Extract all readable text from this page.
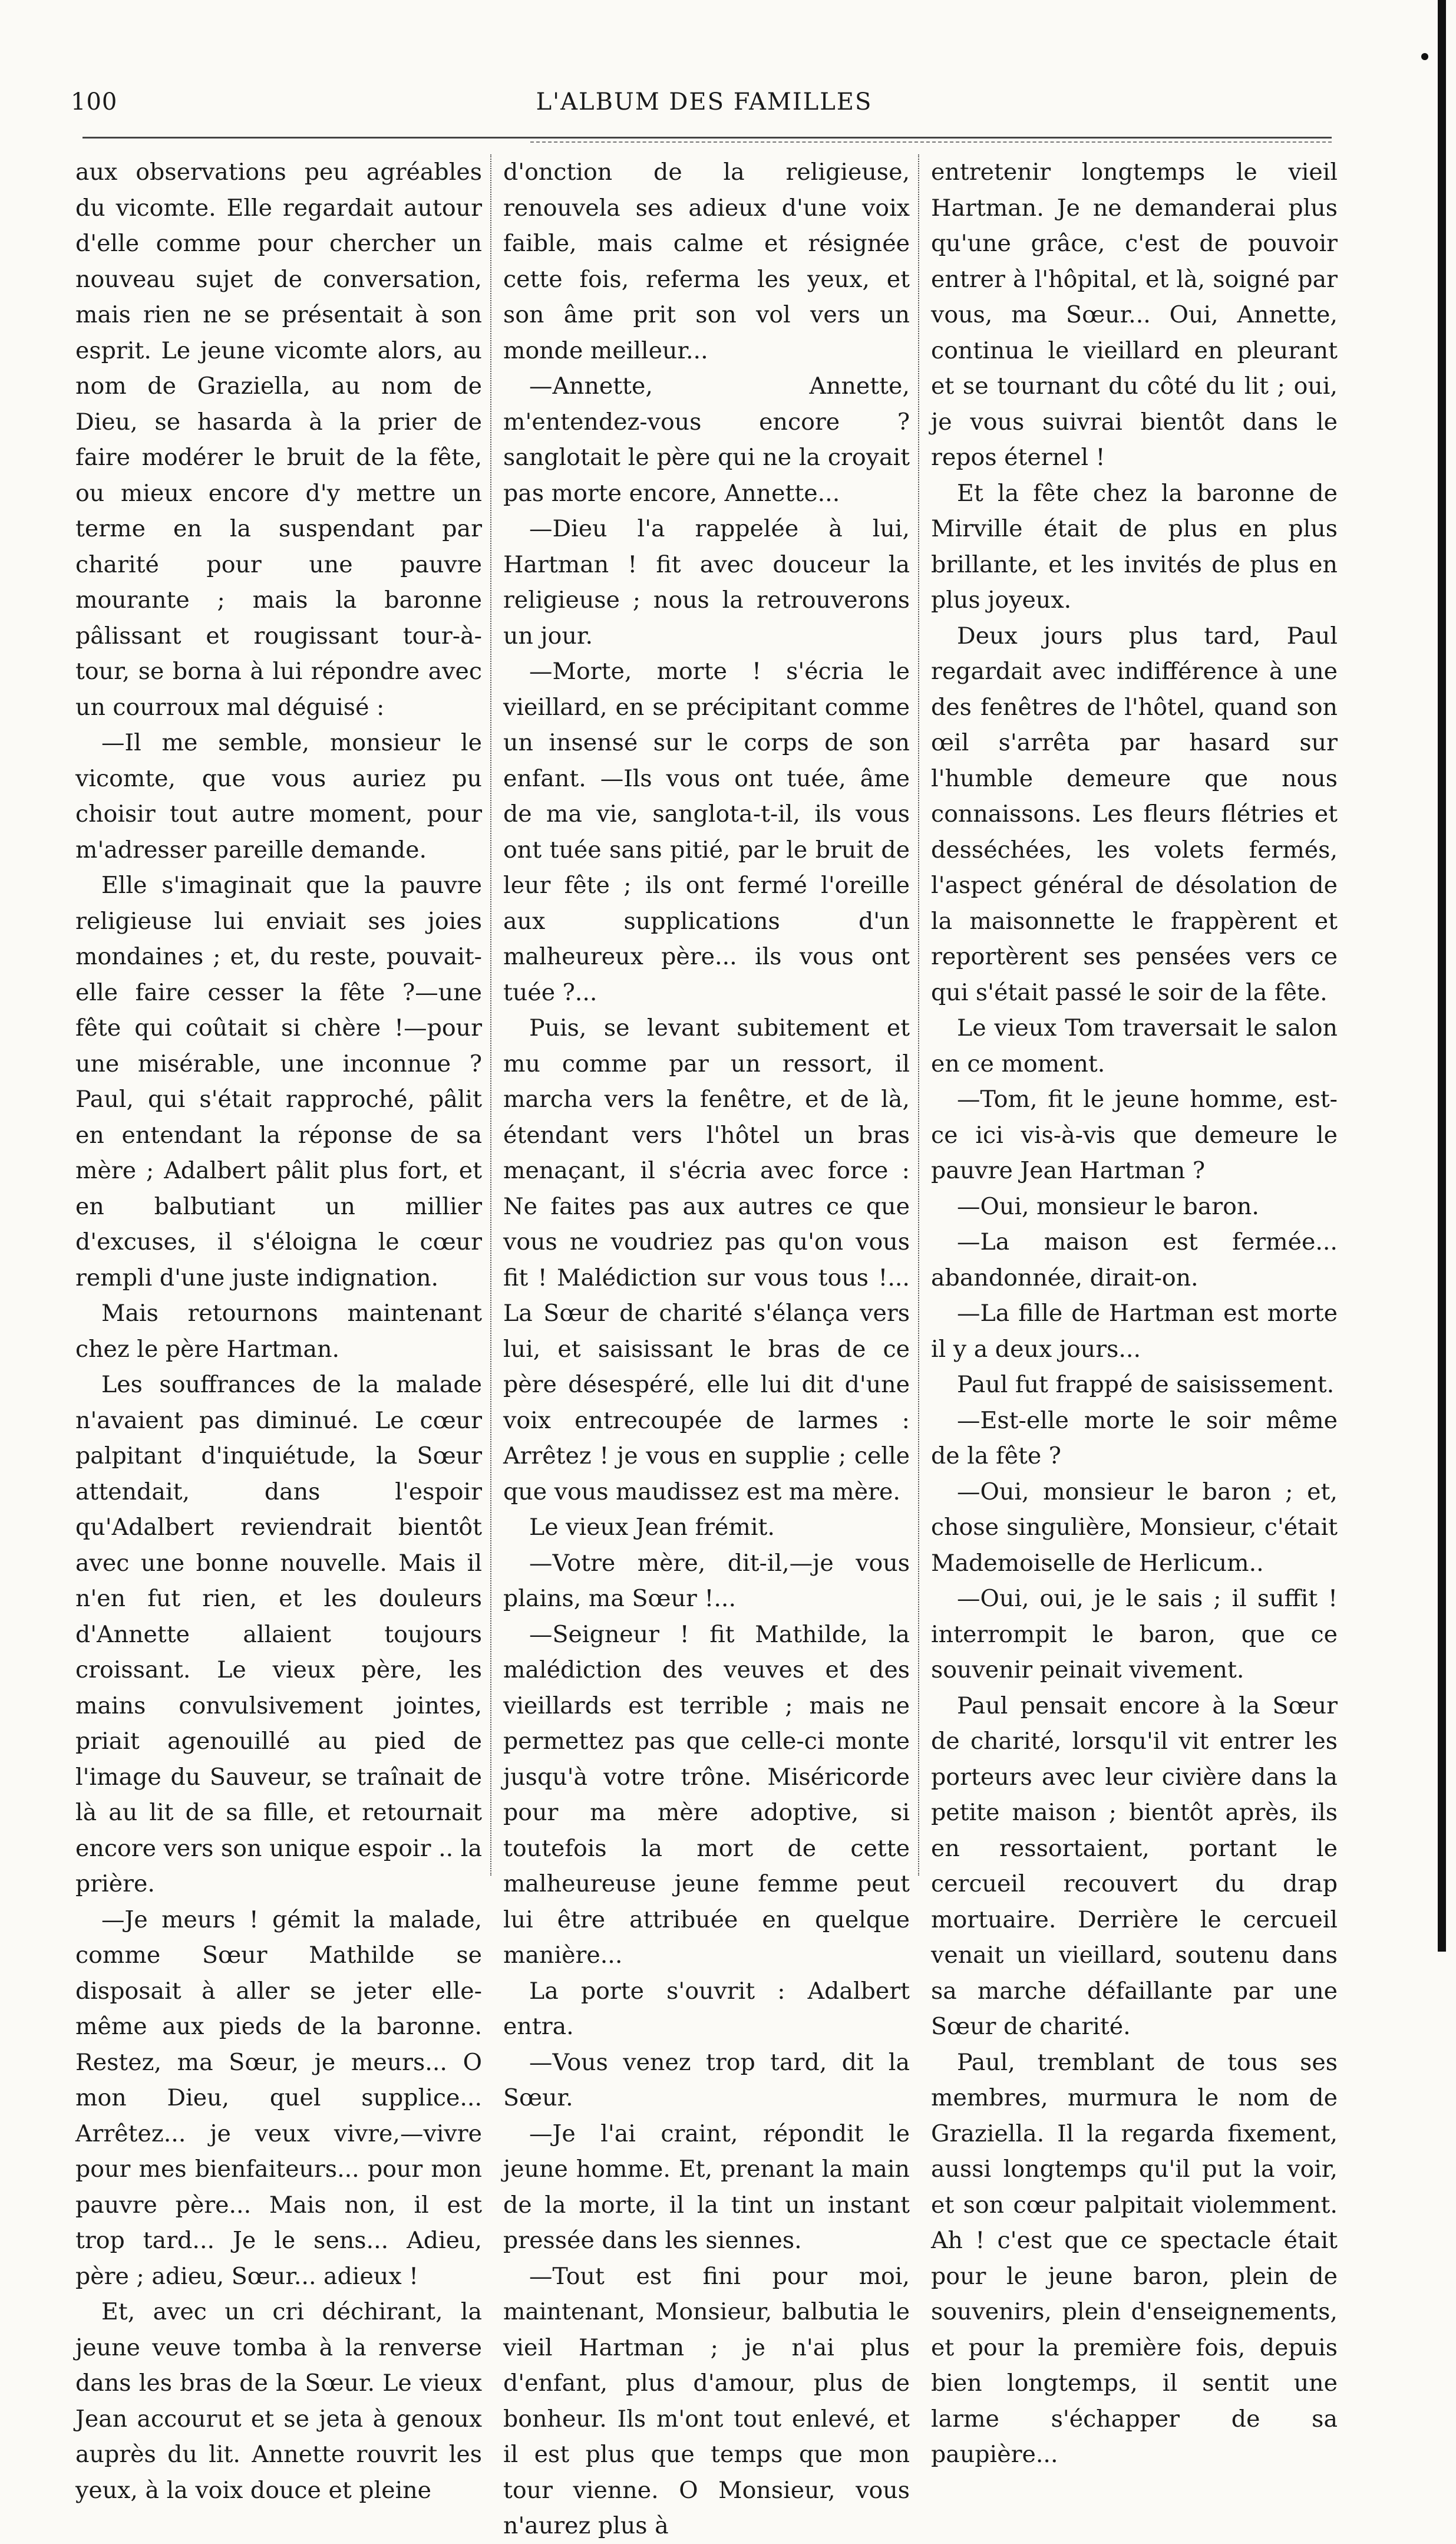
100	L'ALBUM DES FAMILLES

aux observations peu agréables du vicomte. Elle regardait autour d'elle comme pour chercher un nouveau sujet de conversation, mais rien ne se présentait à son esprit. Le jeune vicomte alors, au nom de Graziella, au nom de Dieu, se hasarda à la prier de faire modérer le bruit de la fête, ou mieux encore d'y mettre un terme en la suspendant par charité pour une pauvre mourante ; mais la baronne pâlissant et rougissant tour-à-tour, se borna à lui répondre avec un courroux mal déguisé :

—Il me semble, monsieur le vicomte, que vous auriez pu choisir tout autre moment, pour m'adresser pareille demande.

Elle s'imaginait que la pauvre religieuse lui enviait ses joies mondaines ; et, du reste, pouvait-elle faire cesser la fête ?—une fête qui coûtait si chère !—pour une misérable, une inconnue ? Paul, qui s'était rapproché, pâlit en entendant la réponse de sa mère ; Adalbert pâlit plus fort, et en balbutiant un millier d'excuses, il s'éloigna le cœur rempli d'une juste indignation.

Mais retournons maintenant chez le père Hartman.

Les souffrances de la malade n'avaient pas diminué. Le cœur palpitant d'inquiétude, la Sœur attendait, dans l'espoir qu'Adalbert reviendrait bientôt avec une bonne nouvelle. Mais il n'en fut rien, et les douleurs d'Annette allaient toujours croissant. Le vieux père, les mains convulsivement jointes, priait agenouillé au pied de l'image du Sauveur, se traînait de là au lit de sa fille, et retournait encore vers son unique espoir .. la prière.

—Je meurs ! gémit la malade, comme Sœur Mathilde se disposait à aller se jeter elle-même aux pieds de la baronne. Restez, ma Sœur, je meurs... O mon Dieu, quel supplice... Arrêtez... je veux vivre,—vivre pour mes bienfaiteurs... pour mon pauvre père... Mais non, il est trop tard... Je le sens... Adieu, père ; adieu, Sœur... adieux !

Et, avec un cri déchirant, la jeune veuve tomba à la renverse dans les bras de la Sœur. Le vieux Jean accourut et se jeta à genoux auprès du lit. Annette rouvrit les yeux, à la voix douce et pleine

d'onction de la religieuse, renouvela ses adieux d'une voix faible, mais calme et résignée cette fois, referma les yeux, et son âme prit son vol vers un monde meilleur...

—Annette, Annette, m'entendez-vous encore ? sanglotait le père qui ne la croyait pas morte encore, Annette...

—Dieu l'a rappelée à lui, Hartman ! fit avec douceur la religieuse ; nous la retrouverons un jour.

—Morte, morte ! s'écria le vieillard, en se précipitant comme un insensé sur le corps de son enfant. —Ils vous ont tuée, âme de ma vie, sanglota-t-il, ils vous ont tuée sans pitié, par le bruit de leur fête ; ils ont fermé l'oreille aux supplications d'un malheureux père... ils vous ont tuée ?...

Puis, se levant subitement et mu comme par un ressort, il marcha vers la fenêtre, et de là, étendant vers l'hôtel un bras menaçant, il s'écria avec force : Ne faites pas aux autres ce que vous ne voudriez pas qu'on vous fit ! Malédiction sur vous tous !... La Sœur de charité s'élança vers lui, et saisissant le bras de ce père désespéré, elle lui dit d'une voix entrecoupée de larmes : Arrêtez ! je vous en supplie ; celle que vous maudissez est ma mère.

Le vieux Jean frémit.

—Votre mère, dit-il,—je vous plains, ma Sœur !...

—Seigneur ! fit Mathilde, la malédiction des veuves et des vieillards est terrible ; mais ne permettez pas que celle-ci monte jusqu'à votre trône. Miséricorde pour ma mère adoptive, si toutefois la mort de cette malheureuse jeune femme peut lui être attribuée en quelque manière...

La porte s'ouvrit : Adalbert entra.

—Vous venez trop tard, dit la Sœur.

—Je l'ai craint, répondit le jeune homme. Et, prenant la main de la morte, il la tint un instant pressée dans les siennes.

—Tout est fini pour moi, maintenant, Monsieur, balbutia le vieil Hartman ; je n'ai plus d'enfant, plus d'amour, plus de bonheur. Ils m'ont tout enlevé, et il est plus que temps que mon tour vienne. O Monsieur, vous n'aurez plus à

entretenir longtemps le vieil Hartman. Je ne demanderai plus qu'une grâce, c'est de pouvoir entrer à l'hôpital, et là, soigné par vous, ma Sœur... Oui, Annette, continua le vieillard en pleurant et se tournant du côté du lit ; oui, je vous suivrai bientôt dans le repos éternel !

Et la fête chez la baronne de Mirville était de plus en plus brillante, et les invités de plus en plus joyeux.

Deux jours plus tard, Paul regardait avec indifférence à une des fenêtres de l'hôtel, quand son œil s'arrêta par hasard sur l'humble demeure que nous connaissons. Les fleurs flétries et desséchées, les volets fermés, l'aspect général de désolation de la maisonnette le frappèrent et reportèrent ses pensées vers ce qui s'était passé le soir de la fête.

Le vieux Tom traversait le salon en ce moment.

—Tom, fit le jeune homme, est-ce ici vis-à-vis que demeure le pauvre Jean Hartman ?

—Oui, monsieur le baron.

—La maison est fermée... abandonnée, dirait-on.

—La fille de Hartman est morte il y a deux jours...

Paul fut frappé de saisissement.

—Est-elle morte le soir même de la fête ?

—Oui, monsieur le baron ; et, chose singulière, Monsieur, c'était Mademoiselle de Herlicum..

—Oui, oui, je le sais ; il suffit ! interrompit le baron, que ce souvenir peinait vivement.

Paul pensait encore à la Sœur de charité, lorsqu'il vit entrer les porteurs avec leur civière dans la petite maison ; bientôt après, ils en ressortaient, portant le cercueil recouvert du drap mortuaire. Derrière le cercueil venait un vieillard, soutenu dans sa marche défaillante par une Sœur de charité.

Paul, tremblant de tous ses membres, murmura le nom de Graziella. Il la regarda fixement, aussi longtemps qu'il put la voir, et son cœur palpitait violemment. Ah ! c'est que ce spectacle était pour le jeune baron, plein de souvenirs, plein d'enseignements, et pour la première fois, depuis bien longtemps, il sentit une larme s'échapper de sa paupière...
